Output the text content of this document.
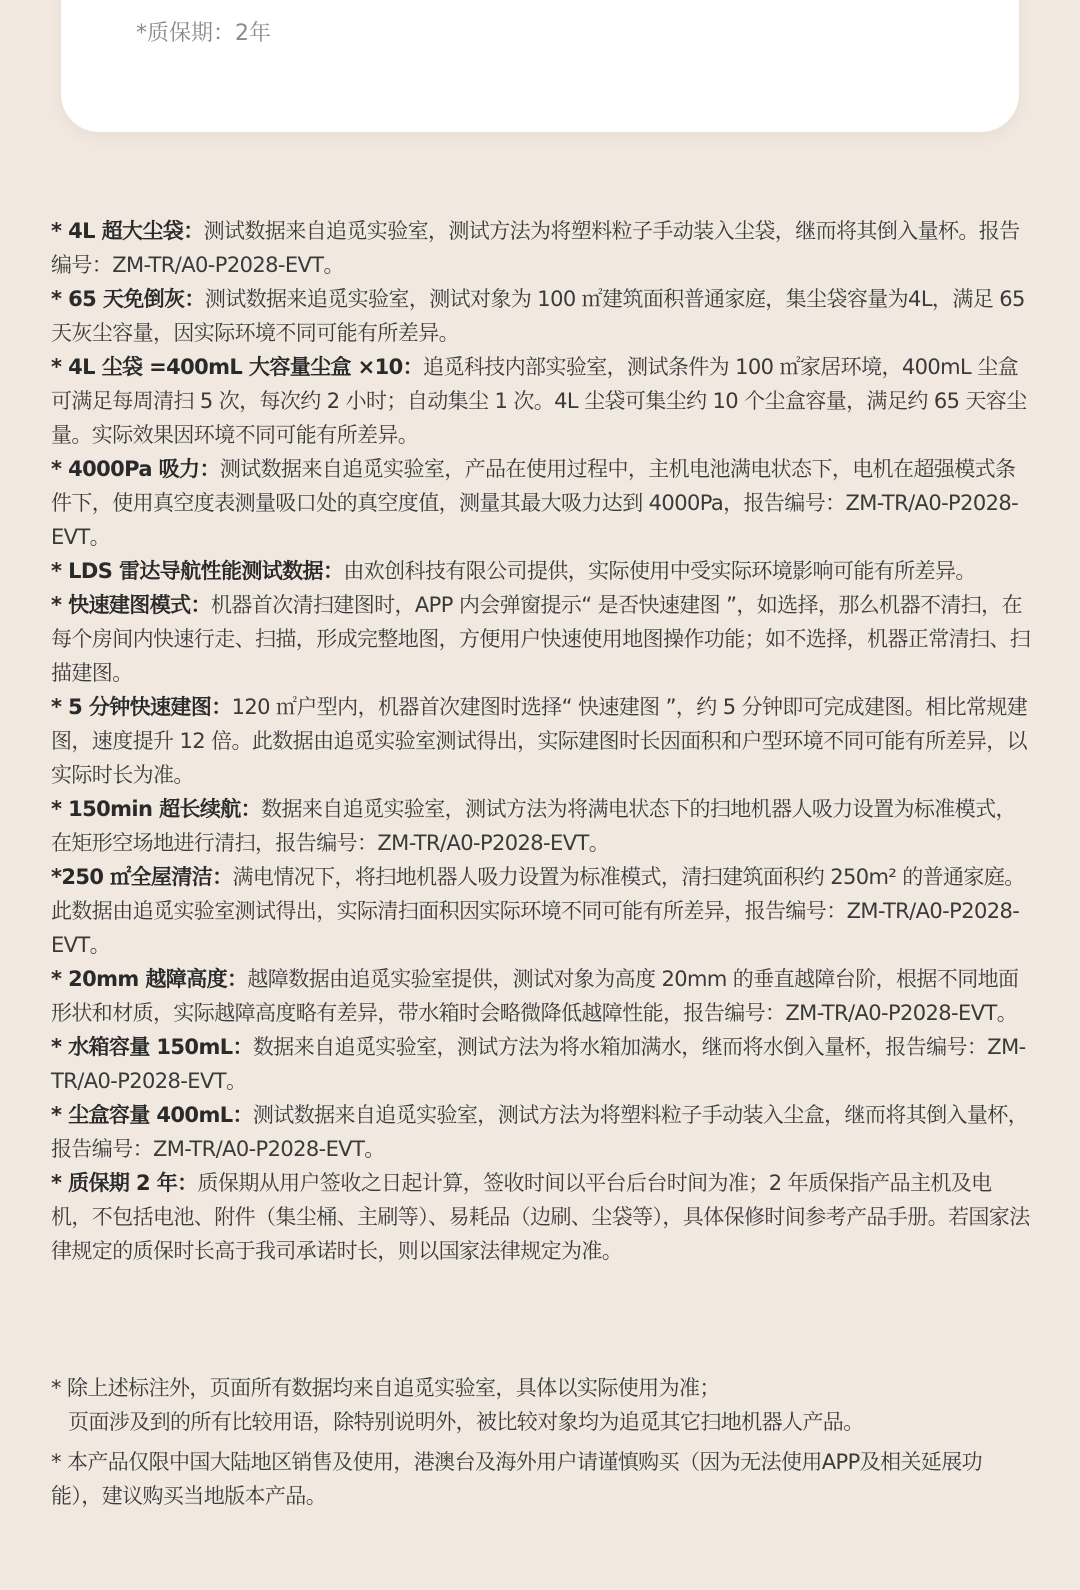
*质保期：2年

* 4L 超大尘袋：测试数据来自追觅实验室，测试方法为将塑料粒子手动装入尘袋，继而将其倒入量杯。报告编号：ZM-TR/A0-P2028-EVT。

* 65 天免倒灰：测试数据来追觅实验室，测试对象为 100 ㎡建筑面积普通家庭，集尘袋容量为4L，满足 65 天灰尘容量，因实际环境不同可能有所差异。

* 4L 尘袋 =400mL 大容量尘盒 ×10：追觅科技内部实验室，测试条件为 100 ㎡家居环境，400mL 尘盒可满足每周清扫 5 次，每次约 2 小时；自动集尘 1 次。4L 尘袋可集尘约 10 个尘盒容量，满足约 65 天容尘量。实际效果因环境不同可能有所差异。

* 4000Pa 吸力：测试数据来自追觅实验室，产品在使用过程中，主机电池满电状态下，电机在超强模式条件下，使用真空度表测量吸口处的真空度值，测量其最大吸力达到 4000Pa，报告编号：ZM-TR/A0-P2028-EVT。

* LDS 雷达导航性能测试数据：由欢创科技有限公司提供，实际使用中受实际环境影响可能有所差异。

* 快速建图模式：机器首次清扫建图时，APP 内会弹窗提示“ 是否快速建图 ”，如选择，那么机器不清扫，在每个房间内快速行走、扫描，形成完整地图，方便用户快速使用地图操作功能；如不选择，机器正常清扫、扫描建图。

* 5 分钟快速建图：120 ㎡户型内，机器首次建图时选择“ 快速建图 ”，约 5 分钟即可完成建图。相比常规建图，速度提升 12 倍。此数据由追觅实验室测试得出，实际建图时长因面积和户型环境不同可能有所差异，以实际时长为准。

* 150min 超长续航：数据来自追觅实验室，测试方法为将满电状态下的扫地机器人吸力设置为标准模式，在矩形空场地进行清扫，报告编号：ZM-TR/A0-P2028-EVT。

*250 ㎡全屋清洁：满电情况下，将扫地机器人吸力设置为标准模式，清扫建筑面积约 250m² 的普通家庭。此数据由追觅实验室测试得出，实际清扫面积因实际环境不同可能有所差异，报告编号：ZM-TR/A0-P2028-EVT。

* 20mm 越障高度：越障数据由追觅实验室提供，测试对象为高度 20mm 的垂直越障台阶，根据不同地面形状和材质，实际越障高度略有差异，带水箱时会略微降低越障性能，报告编号：ZM-TR/A0-P2028-EVT。

* 水箱容量 150mL：数据来自追觅实验室，测试方法为将水箱加满水，继而将水倒入量杯，报告编号：ZM-TR/A0-P2028-EVT。

* 尘盒容量 400mL：测试数据来自追觅实验室，测试方法为将塑料粒子手动装入尘盒，继而将其倒入量杯，报告编号：ZM-TR/A0-P2028-EVT。

* 质保期 2 年：质保期从用户签收之日起计算，签收时间以平台后台时间为准；2 年质保指产品主机及电机，不包括电池、附件（集尘桶、主刷等）、易耗品（边刷、尘袋等），具体保修时间参考产品手册。若国家法律规定的质保时长高于我司承诺时长，则以国家法律规定为准。

* 除上述标注外，页面所有数据均来自追觅实验室，具体以实际使用为准；
页面涉及到的所有比较用语，除特别说明外，被比较对象均为追觅其它扫地机器人产品。
* 本产品仅限中国大陆地区销售及使用，港澳台及海外用户请谨慎购买（因为无法使用APP及相关延展功能），建议购买当地版本产品。
